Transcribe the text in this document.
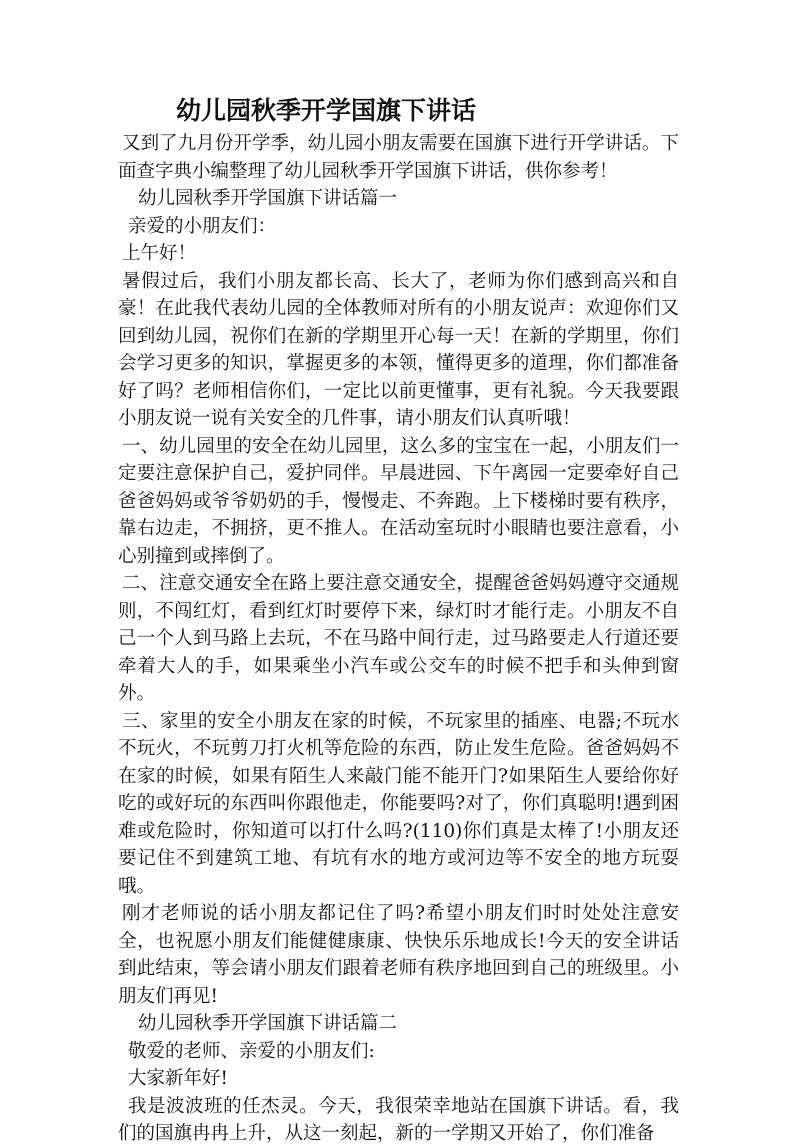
幼儿园秋季开学国旗下讲话

又到了九月份开学季，幼儿园小朋友需要在国旗下进行开学讲话。下面查字典小编整理了幼儿园秋季开学国旗下讲话，供你参考！

幼儿园秋季开学国旗下讲话篇一

亲爱的小朋友们：

上午好！

暑假过后，我们小朋友都长高、长大了，老师为你们感到高兴和自豪！在此我代表幼儿园的全体教师对所有的小朋友说声：欢迎你们又回到幼儿园，祝你们在新的学期里开心每一天！在新的学期里，你们会学习更多的知识，掌握更多的本领，懂得更多的道理，你们都准备好了吗？老师相信你们，一定比以前更懂事，更有礼貌。今天我要跟小朋友说一说有关安全的几件事，请小朋友们认真听哦！

一、幼儿园里的安全在幼儿园里，这么多的宝宝在一起，小朋友们一定要注意保护自己，爱护同伴。早晨进园、下午离园一定要牵好自己爸爸妈妈或爷爷奶奶的手，慢慢走、不奔跑。上下楼梯时要有秩序，靠右边走，不拥挤，更不推人。在活动室玩时小眼睛也要注意看，小心别撞到或摔倒了。

二、注意交通安全在路上要注意交通安全，提醒爸爸妈妈遵守交通规则，不闯红灯，看到红灯时要停下来，绿灯时才能行走。小朋友不自己一个人到马路上去玩，不在马路中间行走，过马路要走人行道还要牵着大人的手，如果乘坐小汽车或公交车的时候不把手和头伸到窗外。

三、家里的安全小朋友在家的时候，不玩家里的插座、电器;不玩水不玩火，不玩剪刀打火机等危险的东西，防止发生危险。爸爸妈妈不在家的时候，如果有陌生人来敲门能不能开门?如果陌生人要给你好吃的或好玩的东西叫你跟他走，你能要吗?对了，你们真聪明!遇到困难或危险时，你知道可以打什么吗?(110)你们真是太棒了!小朋友还要记住不到建筑工地、有坑有水的地方或河边等不安全的地方玩耍哦。

刚才老师说的话小朋友都记住了吗?希望小朋友们时时处处注意安全，也祝愿小朋友们能健健康康、快快乐乐地成长!今天的安全讲话到此结束，等会请小朋友们跟着老师有秩序地回到自己的班级里。小朋友们再见!

幼儿园秋季开学国旗下讲话篇二

敬爱的老师、亲爱的小朋友们:

大家新年好!

我是波波班的任杰灵。今天，我很荣幸地站在国旗下讲话。看，我们的国旗冉冉上升，从这一刻起，新的一学期又开始了，你们准备
